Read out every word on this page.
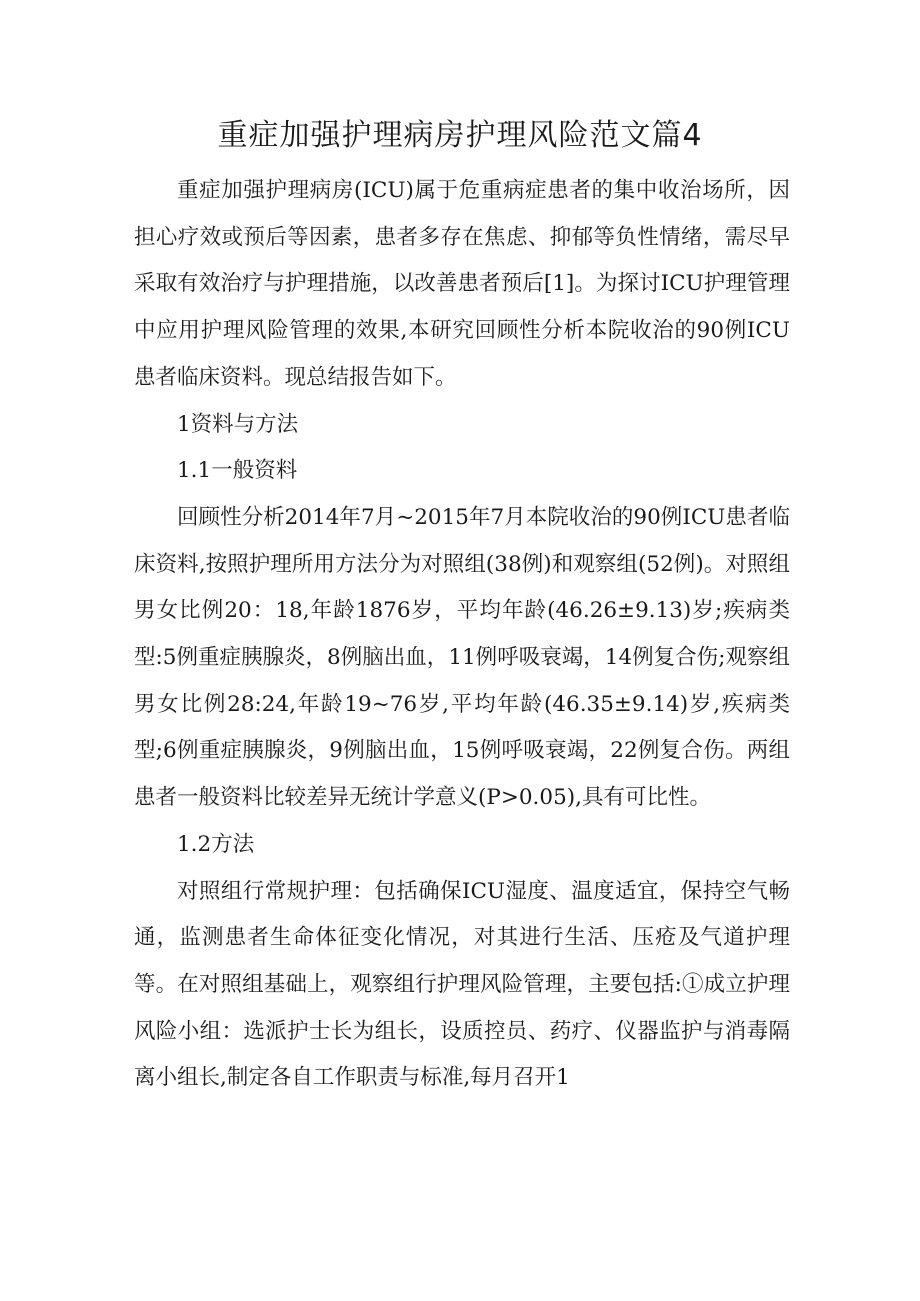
重症加强护理病房护理风险范文篇4

重症加强护理病房(ICU)属于危重病症患者的集中收治场所，因担心疗效或预后等因素，患者多存在焦虑、抑郁等负性情绪，需尽早采取有效治疗与护理措施，以改善患者预后[1]。为探讨ICU护理管理中应用护理风险管理的效果,本研究回顾性分析本院收治的90例ICU患者临床资料。现总结报告如下。

1资料与方法

1.1一般资料

回顾性分析2014年7月~2015年7月本院收治的90例ICU患者临床资料,按照护理所用方法分为对照组(38例)和观察组(52例)。对照组男女比例20：18,年龄1876岁，平均年龄(46.26±9.13)岁;疾病类型:5例重症胰腺炎，8例脑出血，11例呼吸衰竭，14例复合伤;观察组男女比例28:24,年龄19~76岁,平均年龄(46.35±9.14)岁,疾病类型;6例重症胰腺炎，9例脑出血，15例呼吸衰竭，22例复合伤。两组患者一般资料比较差异无统计学意义(P>0.05),具有可比性。

1.2方法

对照组行常规护理：包括确保ICU湿度、温度适宜，保持空气畅通，监测患者生命体征变化情况，对其进行生活、压疮及气道护理等。在对照组基础上，观察组行护理风险管理，主要包括:①成立护理风险小组：选派护士长为组长，设质控员、药疗、仪器监护与消毒隔离小组长,制定各自工作职责与标准,每月召开1
